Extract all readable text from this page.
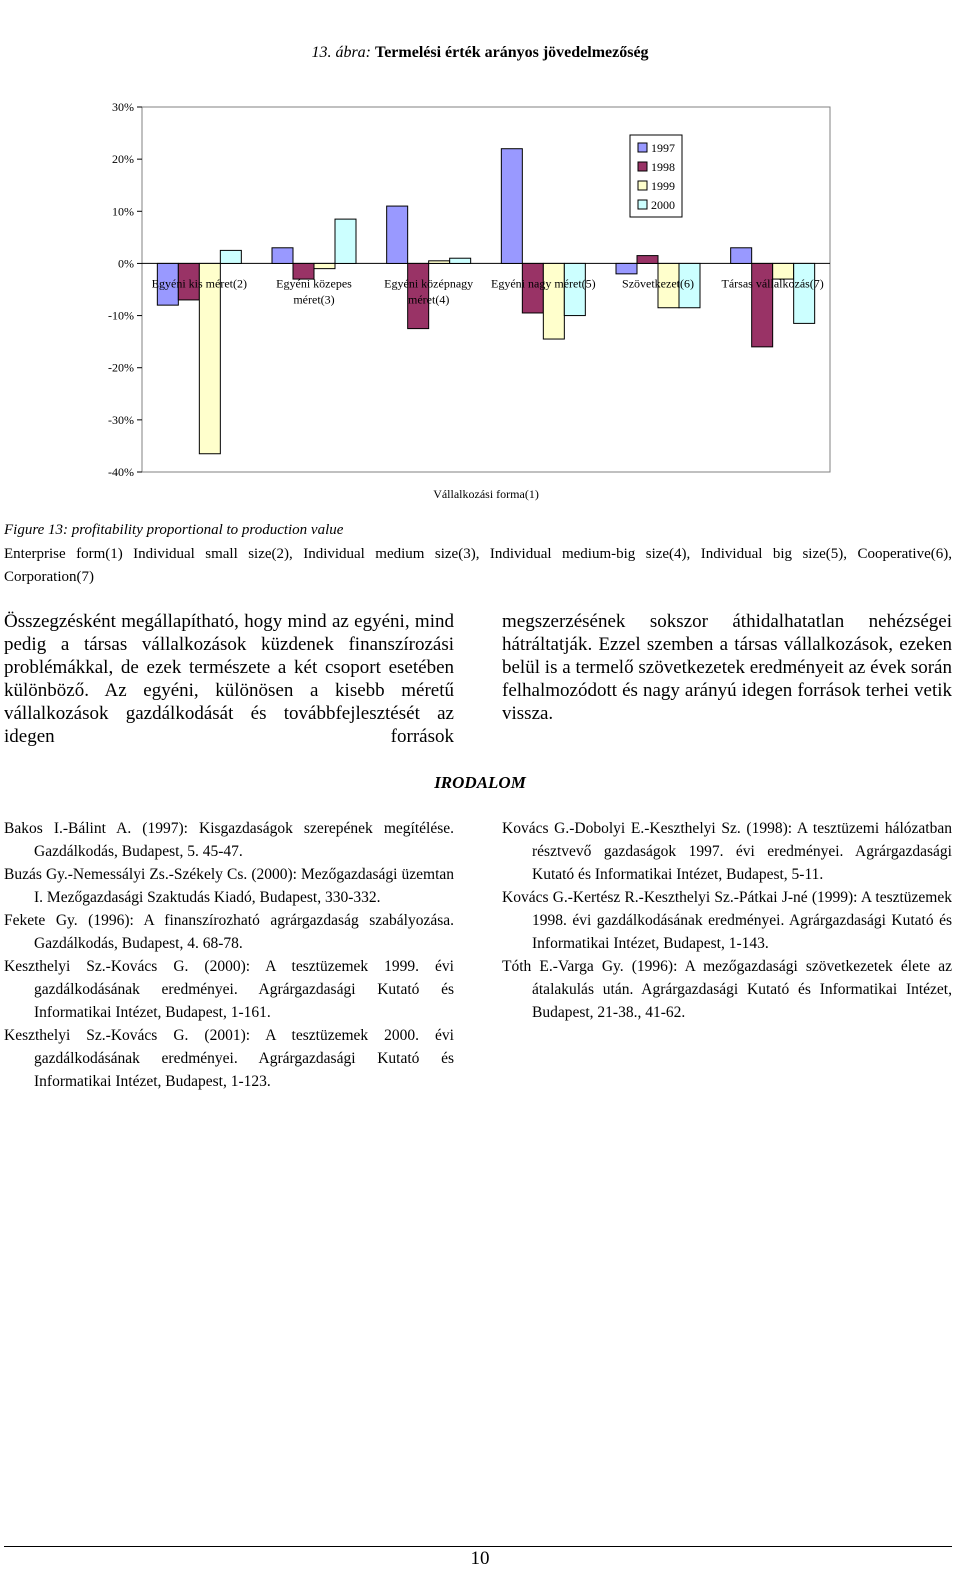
13. ábra: Termelési érték arányos jövedelmezőség
30%
20%
10%
0%
-10%
-20%
-30%
-40%
Egyéni kis méret(2) Egyéni közepes
méret(3)
Egyéni középnagy
méret(4)
Egyéni nagy méret(5) Szövetkezet(6) Társas vállalkozás(7)
Vállalkozási forma(1)
1997
1998
1999
2000
Figure 13: profitability proportional to production value
Enterprise form(1) Individual small size(2), Individual medium size(3), Individual medium-big size(4), Individual big size(5), Cooperative(6), Corporation(7)

Összegzésként megállapítható, hogy mind az egyéni, mind pedig a társas vállalkozások küzdenek finanszírozási problémákkal, de ezek természete a két csoport esetében különböző. Az egyéni, különösen a kisebb méretű vállalkozások gazdálkodását és továbbfejlesztését az idegen források

megszerzésének sokszor áthidalhatatlan nehézségei hátráltatják. Ezzel szemben a társas vállalkozások, ezeken belül is a termelő szövetkezetek eredményeit az évek során felhalmozódott és nagy arányú idegen források terhei vetik vissza.

IRODALOM

Bakos I.-Bálint A. (1997): Kisgazdaságok szerepének megítélése. Gazdálkodás, Budapest, 5. 45-47.

Buzás Gy.-Nemessályi Zs.-Székely Cs. (2000): Mezőgazdasági üzemtan I. Mezőgazdasági Szaktudás Kiadó, Budapest, 330-332.

Fekete Gy. (1996): A finanszírozható agrárgazdaság szabályozása. Gazdálkodás, Budapest, 4. 68-78.

Keszthelyi Sz.-Kovács G. (2000): A tesztüzemek 1999. évi gazdálkodásának eredményei. Agrárgazdasági Kutató és Informatikai Intézet, Budapest, 1-161.

Keszthelyi Sz.-Kovács G. (2001): A tesztüzemek 2000. évi gazdálkodásának eredményei. Agrárgazdasági Kutató és Informatikai Intézet, Budapest, 1-123.

Kovács G.-Dobolyi E.-Keszthelyi Sz. (1998): A tesztüzemi hálózatban résztvevő gazdaságok 1997. évi eredményei. Agrárgazdasági Kutató és Informatikai Intézet, Budapest, 5-11.

Kovács G.-Kertész R.-Keszthelyi Sz.-Pátkai J-né (1999): A tesztüzemek 1998. évi gazdálkodásának eredményei. Agrárgazdasági Kutató és Informatikai Intézet, Budapest, 1-143.

Tóth E.-Varga Gy. (1996): A mezőgazdasági szövetkezetek élete az átalakulás után. Agrárgazdasági Kutató és Informatikai Intézet, Budapest, 21-38., 41-62.

10
